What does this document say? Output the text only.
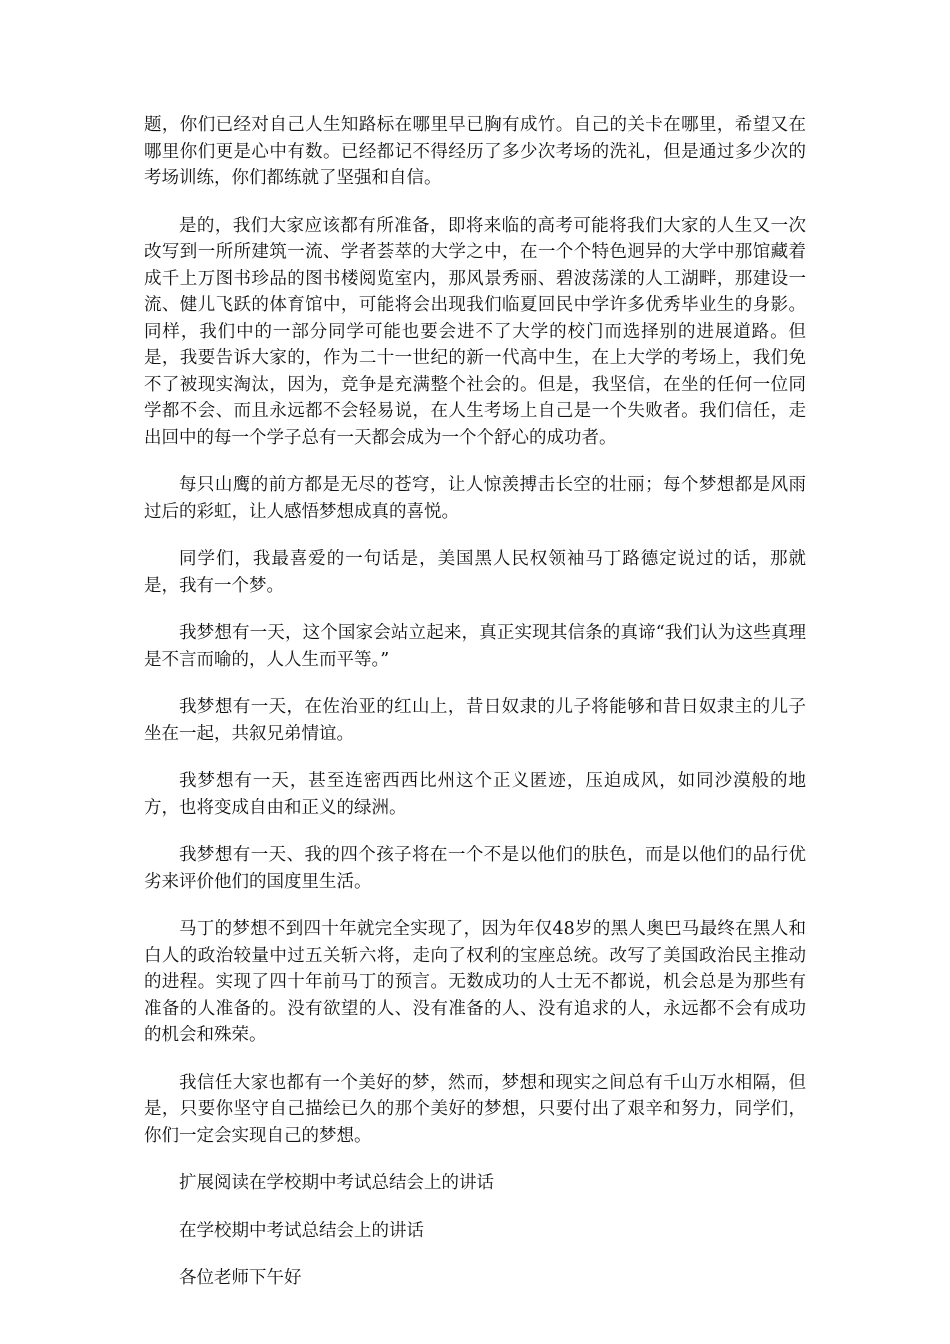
题，你们已经对自己人生知路标在哪里早已胸有成竹。自己的关卡在哪里，希望又在哪里你们更是心中有数。已经都记不得经历了多少次考场的洗礼，但是通过多少次的考场训练，你们都练就了坚强和自信。

是的，我们大家应该都有所准备，即将来临的高考可能将我们大家的人生又一次改写到一所所建筑一流、学者荟萃的大学之中，在一个个特色迥异的大学中那馆藏着成千上万图书珍品的图书楼阅览室内，那风景秀丽、碧波荡漾的人工湖畔，那建设一流、健儿飞跃的体育馆中，可能将会出现我们临夏回民中学许多优秀毕业生的身影。同样，我们中的一部分同学可能也要会进不了大学的校门而选择别的进展道路。但是，我要告诉大家的，作为二十一世纪的新一代高中生，在上大学的考场上，我们免不了被现实淘汰，因为，竞争是充满整个社会的。但是，我坚信，在坐的任何一位同学都不会、而且永远都不会轻易说，在人生考场上自己是一个失败者。我们信任，走出回中的每一个学子总有一天都会成为一个个舒心的成功者。

每只山鹰的前方都是无尽的苍穹，让人惊羡搏击长空的壮丽；每个梦想都是风雨过后的彩虹，让人感悟梦想成真的喜悦。

同学们，我最喜爱的一句话是，美国黑人民权领袖马丁路德定说过的话，那就是，我有一个梦。

我梦想有一天，这个国家会站立起来，真正实现其信条的真谛“我们认为这些真理是不言而喻的，人人生而平等。”

我梦想有一天，在佐治亚的红山上，昔日奴隶的儿子将能够和昔日奴隶主的儿子坐在一起，共叙兄弟情谊。

我梦想有一天，甚至连密西西比州这个正义匿迹，压迫成风，如同沙漠般的地方，也将变成自由和正义的绿洲。

我梦想有一天、我的四个孩子将在一个不是以他们的肤色，而是以他们的品行优劣来评价他们的国度里生活。

马丁的梦想不到四十年就完全实现了，因为年仅48岁的黑人奥巴马最终在黑人和白人的政治较量中过五关斩六将，走向了权利的宝座总统。改写了美国政治民主推动的进程。实现了四十年前马丁的预言。无数成功的人士无不都说，机会总是为那些有准备的人准备的。没有欲望的人、没有准备的人、没有追求的人，永远都不会有成功的机会和殊荣。

我信任大家也都有一个美好的梦，然而，梦想和现实之间总有千山万水相隔，但是，只要你坚守自己描绘已久的那个美好的梦想，只要付出了艰辛和努力，同学们，你们一定会实现自己的梦想。

扩展阅读在学校期中考试总结会上的讲话

在学校期中考试总结会上的讲话

各位老师下午好
